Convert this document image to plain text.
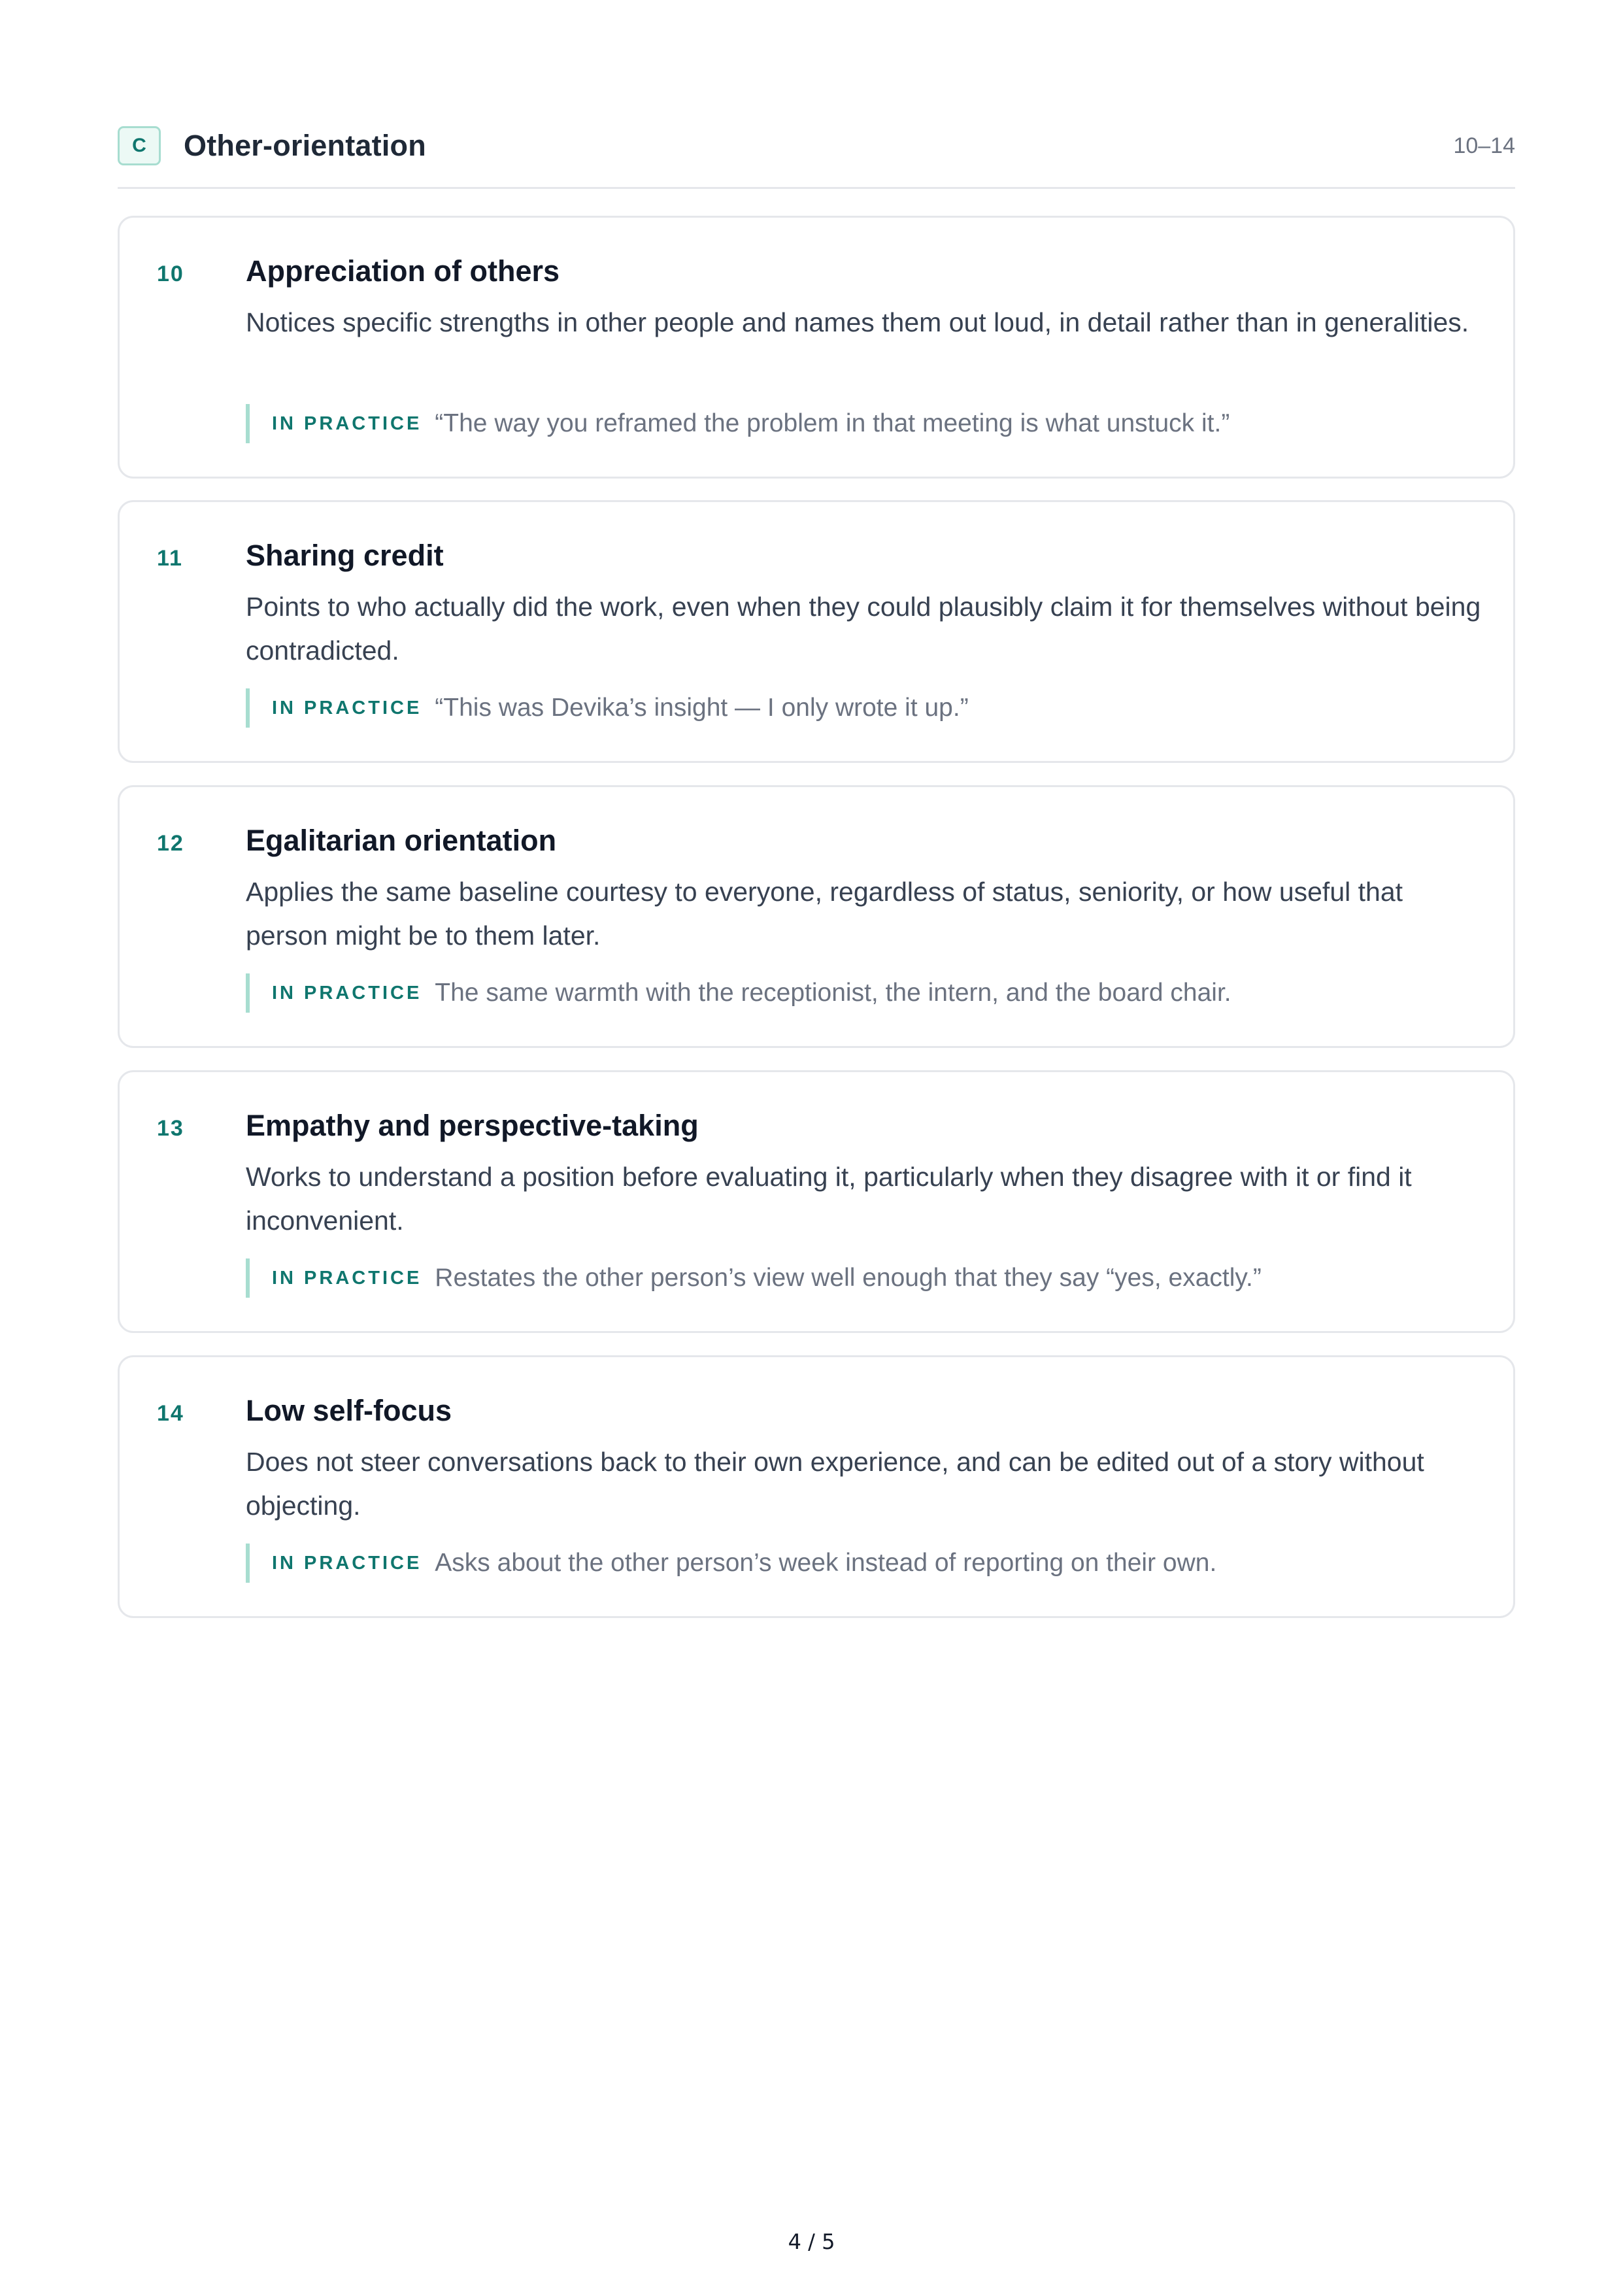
C	Other-orientation	10–14
10 Appreciation of others
Notices specific strengths in other people and names them out loud, in detail rather than in generalities.
IN PRACTICE “The way you reframed the problem in that meeting is what unstuck it.”
11 Sharing credit
Points to who actually did the work, even when they could plausibly claim it for themselves without being contradicted.
IN PRACTICE “This was Devika’s insight — I only wrote it up.”
12 Egalitarian orientation
Applies the same baseline courtesy to everyone, regardless of status, seniority, or how useful that person might be to them later.
IN PRACTICE The same warmth with the receptionist, the intern, and the board chair.
13 Empathy and perspective-taking
Works to understand a position before evaluating it, particularly when they disagree with it or find it inconvenient.
IN PRACTICE Restates the other person’s view well enough that they say “yes, exactly.”
14 Low self-focus
Does not steer conversations back to their own experience, and can be edited out of a story without objecting.
IN PRACTICE Asks about the other person’s week instead of reporting on their own.
4 / 5
